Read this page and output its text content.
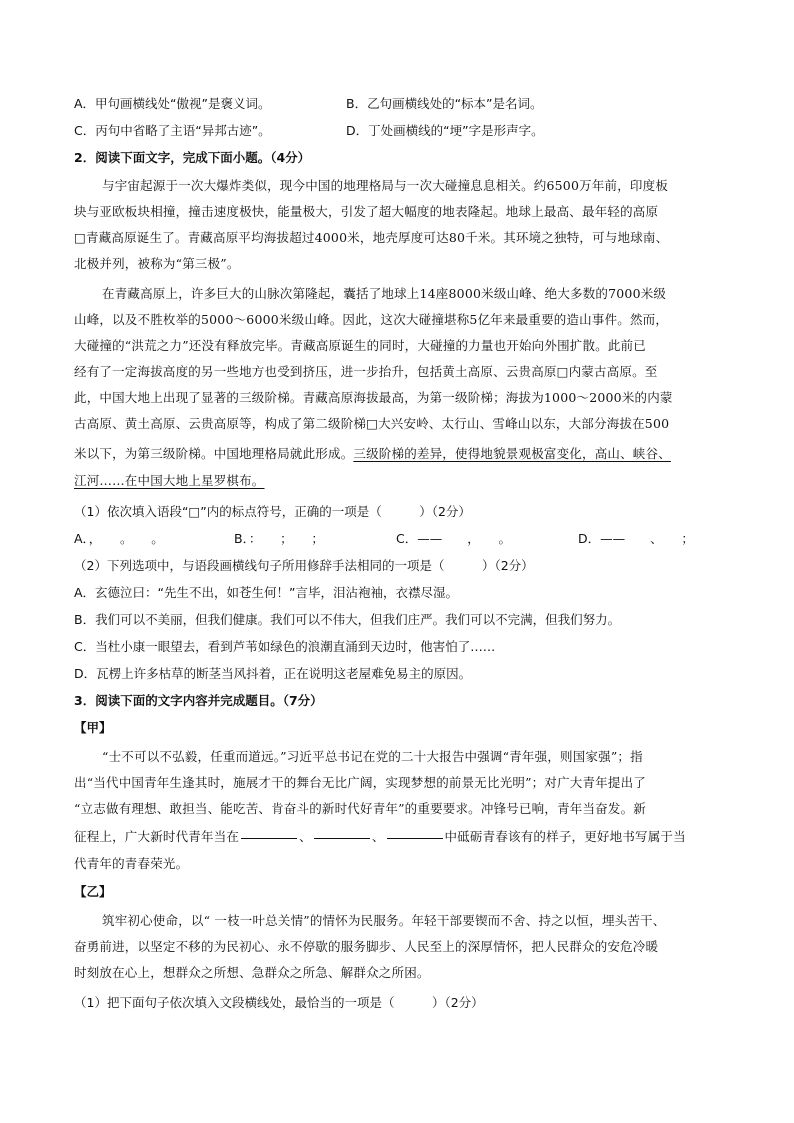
A．甲句画横线处“傲视”是褒义词。	B．乙句画横线处的“标本”是名词。
C．丙句中省略了主语“异邦古迹”。	D．丁处画横线的“埂”字是形声字。
2．阅读下面文字，完成下面小题。（4分）
与宇宙起源于一次大爆炸类似，现今中国的地理格局与一次大碰撞息息相关。约6500万年前，印度板
块与亚欧板块相撞，撞击速度极快，能量极大，引发了超大幅度的地表隆起。地球上最高、最年轻的高原
□青藏高原诞生了。青藏高原平均海拔超过4000米，地壳厚度可达80千米。其环境之独特，可与地球南、
北极并列，被称为“第三极”。
在青藏高原上，许多巨大的山脉次第隆起，囊括了地球上14座8000米级山峰、绝大多数的7000米级
山峰，以及不胜枚举的5000～6000米级山峰。因此，这次大碰撞堪称5亿年来最重要的造山事件。然而，
大碰撞的“洪荒之力”还没有释放完毕。青藏高原诞生的同时，大碰撞的力量也开始向外围扩散。此前已
经有了一定海拔高度的另一些地方也受到挤压，进一步抬升，包括黄土高原、云贵高原□内蒙古高原。至
此，中国大地上出现了显著的三级阶梯。青藏高原海拔最高，为第一级阶梯；海拔为1000～2000米的内蒙
古高原、黄土高原、云贵高原等，构成了第二级阶梯□大兴安岭、太行山、雪峰山以东，大部分海拔在500
米以下，为第三级阶梯。中国地理格局就此形成。三级阶梯的差异，使得地貌景观极富变化，高山、峡谷、
江河……在中国大地上星罗棋布。
（1）依次填入语段“□”内的标点符号，正确的一项是（　　　）（2分）
A．，　　。　　。	B．：　　；　　；	C．——　　，　　。	D．——　　、　　；
（2）下列选项中，与语段画横线句子所用修辞手法相同的一项是（　　　）（2分）
A．玄德泣曰：“先生不出，如苍生何！”言毕，泪沾袍袖，衣襟尽湿。
B．我们可以不美丽，但我们健康。我们可以不伟大，但我们庄严。我们可以不完满，但我们努力。
C．当杜小康一眼望去，看到芦苇如绿色的浪潮直涌到天边时，他害怕了……
D．瓦楞上许多枯草的断茎当风抖着，正在说明这老屋难免易主的原因。
3．阅读下面的文字内容并完成题目。（7分）
【甲】
“士不可以不弘毅，任重而道远。”习近平总书记在党的二十大报告中强调“青年强，则国家强”；指
出“当代中国青年生逢其时，施展才干的舞台无比广阔，实现梦想的前景无比光明”；对广大青年提出了
“立志做有理想、敢担当、能吃苦、肯奋斗的新时代好青年”的重要要求。冲锋号已响，青年当奋发。新
征程上，广大新时代青年当在	、	、	中砥砺青春该有的样子，更好地书写属于当
代青年的青春荣光。
【乙】
筑牢初心使命，以“ 一枝一叶总关情”的情怀为民服务。年轻干部要锲而不舍、持之以恒，埋头苦干、
奋勇前进，以坚定不移的为民初心、永不停歇的服务脚步、人民至上的深厚情怀，把人民群众的安危冷暖
时刻放在心上，想群众之所想、急群众之所急、解群众之所困。
（1）把下面句子依次填入文段横线处，最恰当的一项是（　　　）（2分）
